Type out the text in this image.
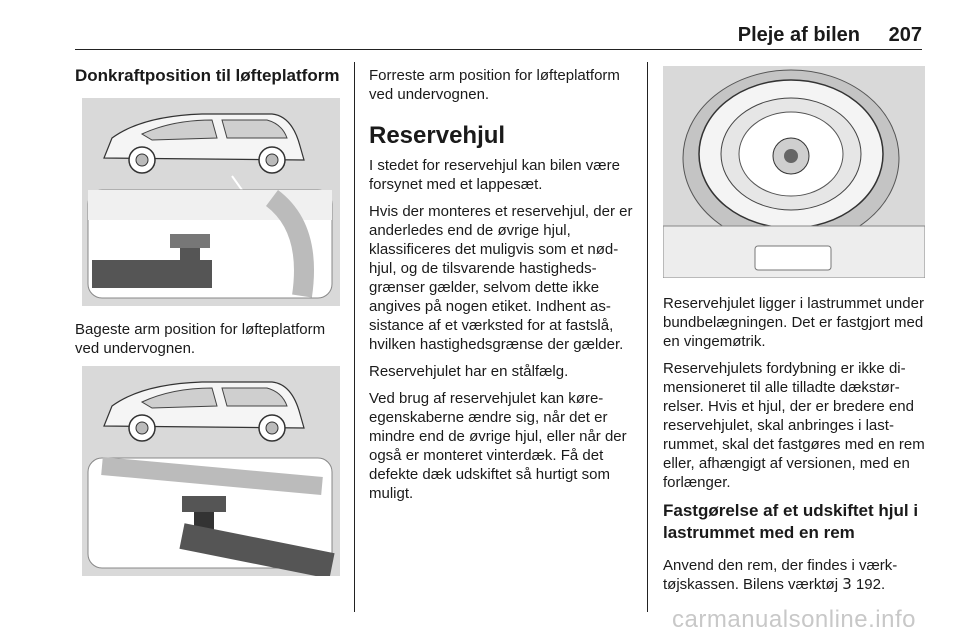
Pleje af bilen 207
Donkraftposition til løfteplatform

Bageste arm position for løfteplatform ved undervognen.

Forreste arm position for løfteplatform ved undervognen.

Reservehjul

I stedet for reservehjul kan bilen være forsynet med et lappesæt.

Hvis der monteres et reservehjul, der er anderledes end de øvrige hjul, klassificeres det muligvis som et nødhjul, og de tilsvarende hastighedsgrænser gælder, selvom dette ikke angives på nogen etiket. Indhent assistance af et værksted for at fastslå, hvilken hastighedsgrænse der gælder.

Reservehjulet har en stålfælg.

Ved brug af reservehjulet kan køreegenskaberne ændre sig, når det er mindre end de øvrige hjul, eller når der også er monteret vinterdæk. Få det defekte dæk udskiftet så hurtigt som muligt.

Reservehjulet ligger i lastrummet under bundbelægningen. Det er fastgjort med en vingemøtrik.

Reservehjulets fordybning er ikke dimensioneret til alle tilladte dækstørrelser. Hvis et hjul, der er bredere end reservehjulet, skal anbringes i lastrummet, skal det fastgøres med en rem eller, afhængigt af versionen, med en forlænger.

Fastgørelse af et udskiftet hjul i lastrummet med en rem

Anvend den rem, der findes i værktøjskassen. Bilens værktøj 3 192.

carmanualsonline.info
